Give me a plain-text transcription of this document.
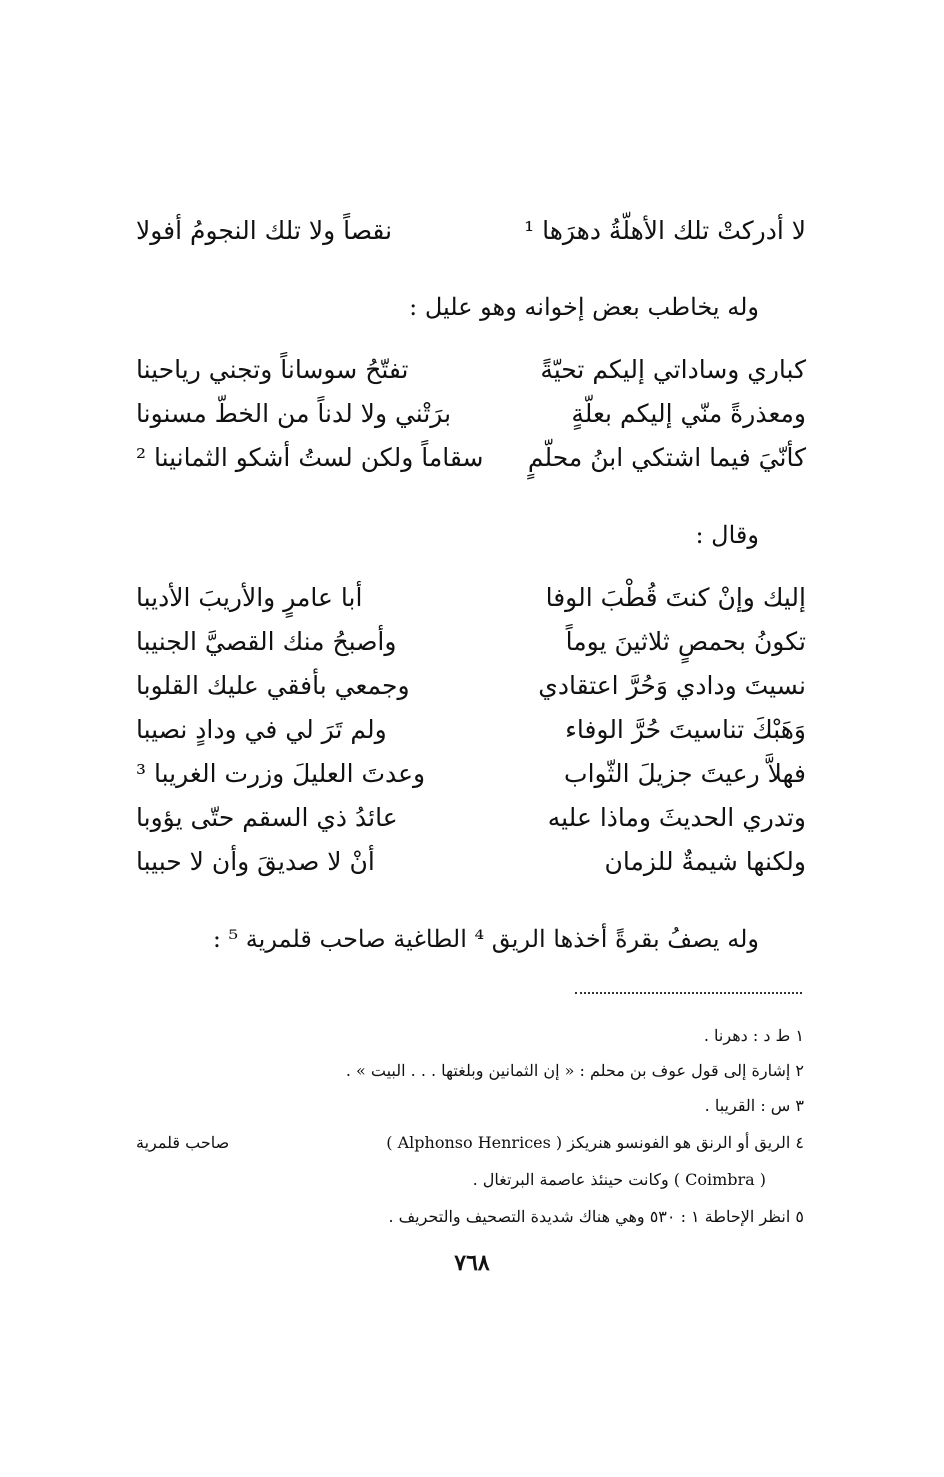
لا أدركتْ تلك الأهلّةُ دهرَها ¹
نقصاً ولا تلك النجومُ أفولا
وله يخاطب بعض إخوانه وهو عليل :
كباري وساداتي إليكم تحيّةً
تفتّحُ سوساناً وتجني رياحينا
ومعذرةً منّي إليكم بعلّةٍ
برَتْني ولا لدناً من الخطّ مسنونا
كأنّيَ فيما اشتكي ابنُ محلّمٍ
سقاماً ولكن لستُ أشكو الثمانينا ²
وقال :
إليك وإنْ كنتَ قُطْبَ الوفا
أبا عامرٍ والأريبَ الأديبا
تكونُ بحمصٍ ثلاثينَ يوماً
وأصبحُ منك القصيَّ الجنيبا
نسيتَ ودادي وَحُرَّ اعتقادي
وجمعي بأفقي عليك القلوبا
وَهَبْكَ تناسيتَ حُرَّ الوفاء
ولم تَرَ لي في ودادٍ نصيبا
فهلاَّ رعيتَ جزيلَ الثّواب
وعدتَ العليلَ وزرت الغريبا ³
وتدري الحديثَ وماذا عليه
عائدُ ذي السقم حتّى يؤوبا
ولكنها شيمةٌ للزمان
أنْ لا صديقَ وأن لا حبيبا
وله يصفُ بقرةً أخذها الريق ⁴ الطاغية صاحب قلمرية ⁵ :
١ ط د : دهرنا .
٢ إشارة إلى قول عوف بن محلم : « إن الثمانين وبلغتها . . . البيت » .
٣ س : القريبا .
٤ الريق أو الرنق هو الفونسو هنريكز ( Alphonso Henrices )
صاحب قلمرية
( Coimbra ) وكانت حينئذ عاصمة البرتغال .
٥ انظر الإحاطة ١ : ٥٣٠ وهي هناك شديدة التصحيف والتحريف .
٧٦٨
